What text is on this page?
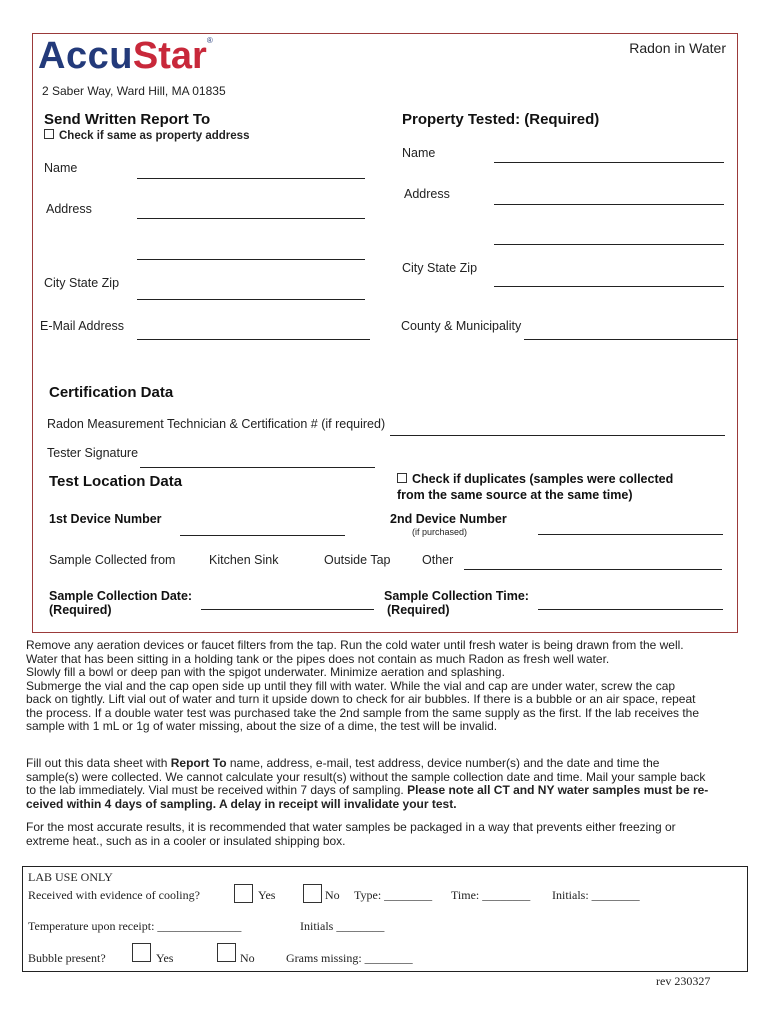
AccuStar®	Radon in Water
2 Saber Way, Ward Hill, MA 01835
Send Written Report To
Check if same as property address
Name
Address
City State Zip
E-Mail Address
Property Tested: (Required)
Name
Address
City State Zip
County & Municipality
Certification Data
Radon Measurement Technician & Certification # (if required)
Tester Signature
Test Location Data	Check if duplicates (samples were collected
from the same source at the same time)
1st Device Number	2nd Device Number
(if purchased)
Sample Collected from	Kitchen Sink	Outside Tap	Other
Sample Collection Date:
(Required)
Sample Collection Time:
(Required)

Remove any aeration devices or faucet filters from the tap. Run the cold water until fresh water is being drawn from the well.

Water that has been sitting in a holding tank or the pipes does not contain as much Radon as fresh well water.

Slowly fill a bowl or deep pan with the spigot underwater. Minimize aeration and splashing.

Submerge the vial and the cap open side up until they fill with water. While the vial and cap are under water, screw the cap

back on tightly. Lift vial out of water and turn it upside down to check for air bubbles. If there is a bubble or an air space, repeat

the process. If a double water test was purchased take the 2nd sample from the same supply as the first. If the lab receives the

sample with 1 mL or 1g of water missing, about the size of a dime, the test will be invalid.

Fill out this data sheet with Report To name, address, e-mail, test address, device number(s) and the date and time the

sample(s) were collected. We cannot calculate your result(s) without the sample collection date and time. Mail your sample back

to the lab immediately. Vial must be received within 7 days of sampling. Please note all CT and NY water samples must be re-

ceived within 4 days of sampling. A delay in receipt will invalidate your test.

For the most accurate results, it is recommended that water samples be packaged in a way that prevents either freezing or

extreme heat., such as in a cooler or insulated shipping box.

LAB USE ONLY
Received with evidence of cooling?	Yes	No Type: ________ Time: ________ Initials: ________
Temperature upon receipt: ______________	Initials ________
Bubble present?	Yes	No	Grams missing: ________
rev 230327
